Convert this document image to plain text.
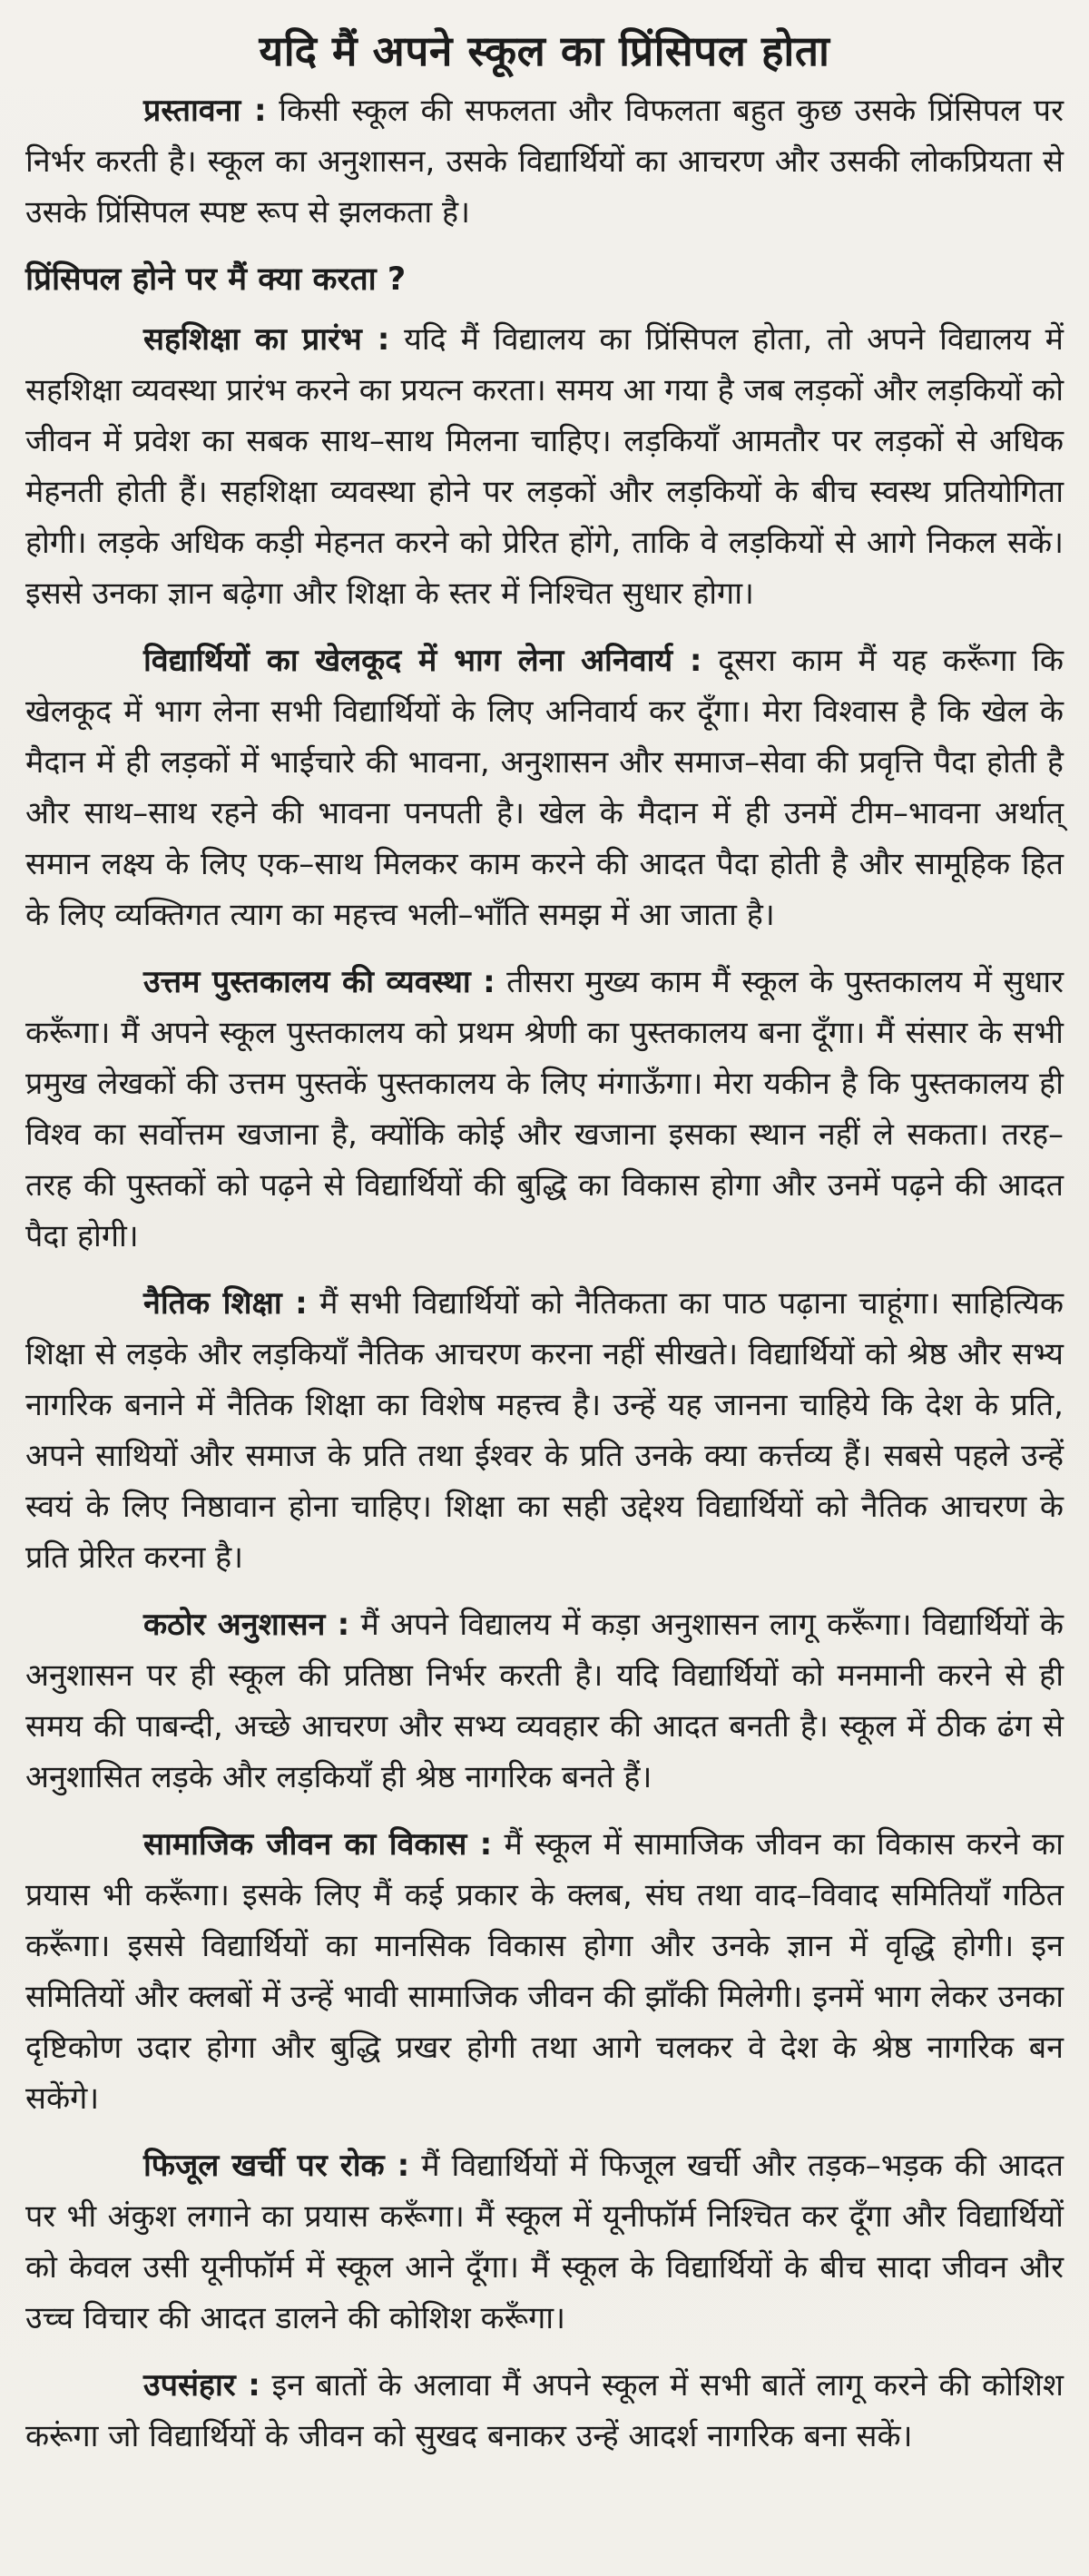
यदि मैं अपने स्कूल का प्रिंसिपल होता

प्रस्तावना : किसी स्कूल की सफलता और विफलता बहुत कुछ उसके प्रिंसिपल पर निर्भर करती है। स्कूल का अनुशासन, उसके विद्यार्थियों का आचरण और उसकी लोकप्रियता से उसके प्रिंसिपल स्पष्ट रूप से झलकता है।

प्रिंसिपल होने पर मैं क्या करता ?

सहशिक्षा का प्रारंभ : यदि मैं विद्यालय का प्रिंसिपल होता, तो अपने विद्यालय में सहशिक्षा व्यवस्था प्रारंभ करने का प्रयत्न करता। समय आ गया है जब लड़कों और लड़कियों को जीवन में प्रवेश का सबक साथ–साथ मिलना चाहिए। लड़कियाँ आमतौर पर लड़कों से अधिक मेहनती होती हैं। सहशिक्षा व्यवस्था होने पर लड़कों और लड़कियों के बीच स्वस्थ प्रतियोगिता होगी। लड़के अधिक कड़ी मेहनत करने को प्रेरित होंगे, ताकि वे लड़कियों से आगे निकल सकें। इससे उनका ज्ञान बढ़ेगा और शिक्षा के स्तर में निश्चित सुधार होगा।

विद्यार्थियों का खेलकूद में भाग लेना अनिवार्य : दूसरा काम मैं यह करूँगा कि खेलकूद में भाग लेना सभी विद्यार्थियों के लिए अनिवार्य कर दूँगा। मेरा विश्वास है कि खेल के मैदान में ही लड़कों में भाईचारे की भावना, अनुशासन और समाज–सेवा की प्रवृत्ति पैदा होती है और साथ–साथ रहने की भावना पनपती है। खेल के मैदान में ही उनमें टीम–भावना अर्थात् समान लक्ष्य के लिए एक–साथ मिलकर काम करने की आदत पैदा होती है और सामूहिक हित के लिए व्यक्तिगत त्याग का महत्त्व भली–भाँति समझ में आ जाता है।

उत्तम पुस्तकालय की व्यवस्था : तीसरा मुख्य काम मैं स्कूल के पुस्तकालय में सुधार करूँगा। मैं अपने स्कूल पुस्तकालय को प्रथम श्रेणी का पुस्तकालय बना दूँगा। मैं संसार के सभी प्रमुख लेखकों की उत्तम पुस्तकें पुस्तकालय के लिए मंगाऊँगा। मेरा यकीन है कि पुस्तकालय ही विश्व का सर्वोत्तम खजाना है, क्योंकि कोई और खजाना इसका स्थान नहीं ले सकता। तरह–तरह की पुस्तकों को पढ़ने से विद्यार्थियों की बुद्धि का विकास होगा और उनमें पढ़ने की आदत पैदा होगी।

नैतिक शिक्षा : मैं सभी विद्यार्थियों को नैतिकता का पाठ पढ़ाना चाहूंगा। साहित्यिक शिक्षा से लड़के और लड़कियाँ नैतिक आचरण करना नहीं सीखते। विद्यार्थियों को श्रेष्ठ और सभ्य नागरिक बनाने में नैतिक शिक्षा का विशेष महत्त्व है। उन्हें यह जानना चाहिये कि देश के प्रति, अपने साथियों और समाज के प्रति तथा ईश्वर के प्रति उनके क्या कर्त्तव्य हैं। सबसे पहले उन्हें स्वयं के लिए निष्ठावान होना चाहिए। शिक्षा का सही उद्देश्य विद्यार्थियों को नैतिक आचरण के प्रति प्रेरित करना है।

कठोर अनुशासन : मैं अपने विद्यालय में कड़ा अनुशासन लागू करूँगा। विद्यार्थियों के अनुशासन पर ही स्कूल की प्रतिष्ठा निर्भर करती है। यदि विद्यार्थियों को मनमानी करने से ही समय की पाबन्दी, अच्छे आचरण और सभ्य व्यवहार की आदत बनती है। स्कूल में ठीक ढंग से अनुशासित लड़के और लड़कियाँ ही श्रेष्ठ नागरिक बनते हैं।

सामाजिक जीवन का विकास : मैं स्कूल में सामाजिक जीवन का विकास करने का प्रयास भी करूँगा। इसके लिए मैं कई प्रकार के क्लब, संघ तथा वाद–विवाद समितियाँ गठित करूँगा। इससे विद्यार्थियों का मानसिक विकास होगा और उनके ज्ञान में वृद्धि होगी। इन समितियों और क्लबों में उन्हें भावी सामाजिक जीवन की झाँकी मिलेगी। इनमें भाग लेकर उनका दृष्टिकोण उदार होगा और बुद्धि प्रखर होगी तथा आगे चलकर वे देश के श्रेष्ठ नागरिक बन सकेंगे।

फिजूल खर्ची पर रोक : मैं विद्यार्थियों में फिजूल खर्ची और तड़क–भड़क की आदत पर भी अंकुश लगाने का प्रयास करूँगा। मैं स्कूल में यूनीफॉर्म निश्चित कर दूँगा और विद्यार्थियों को केवल उसी यूनीफॉर्म में स्कूल आने दूँगा। मैं स्कूल के विद्यार्थियों के बीच सादा जीवन और उच्च विचार की आदत डालने की कोशिश करूँगा।

उपसंहार : इन बातों के अलावा मैं अपने स्कूल में सभी बातें लागू करने की कोशिश करूंगा जो विद्यार्थियों के जीवन को सुखद बनाकर उन्हें आदर्श नागरिक बना सकें।
